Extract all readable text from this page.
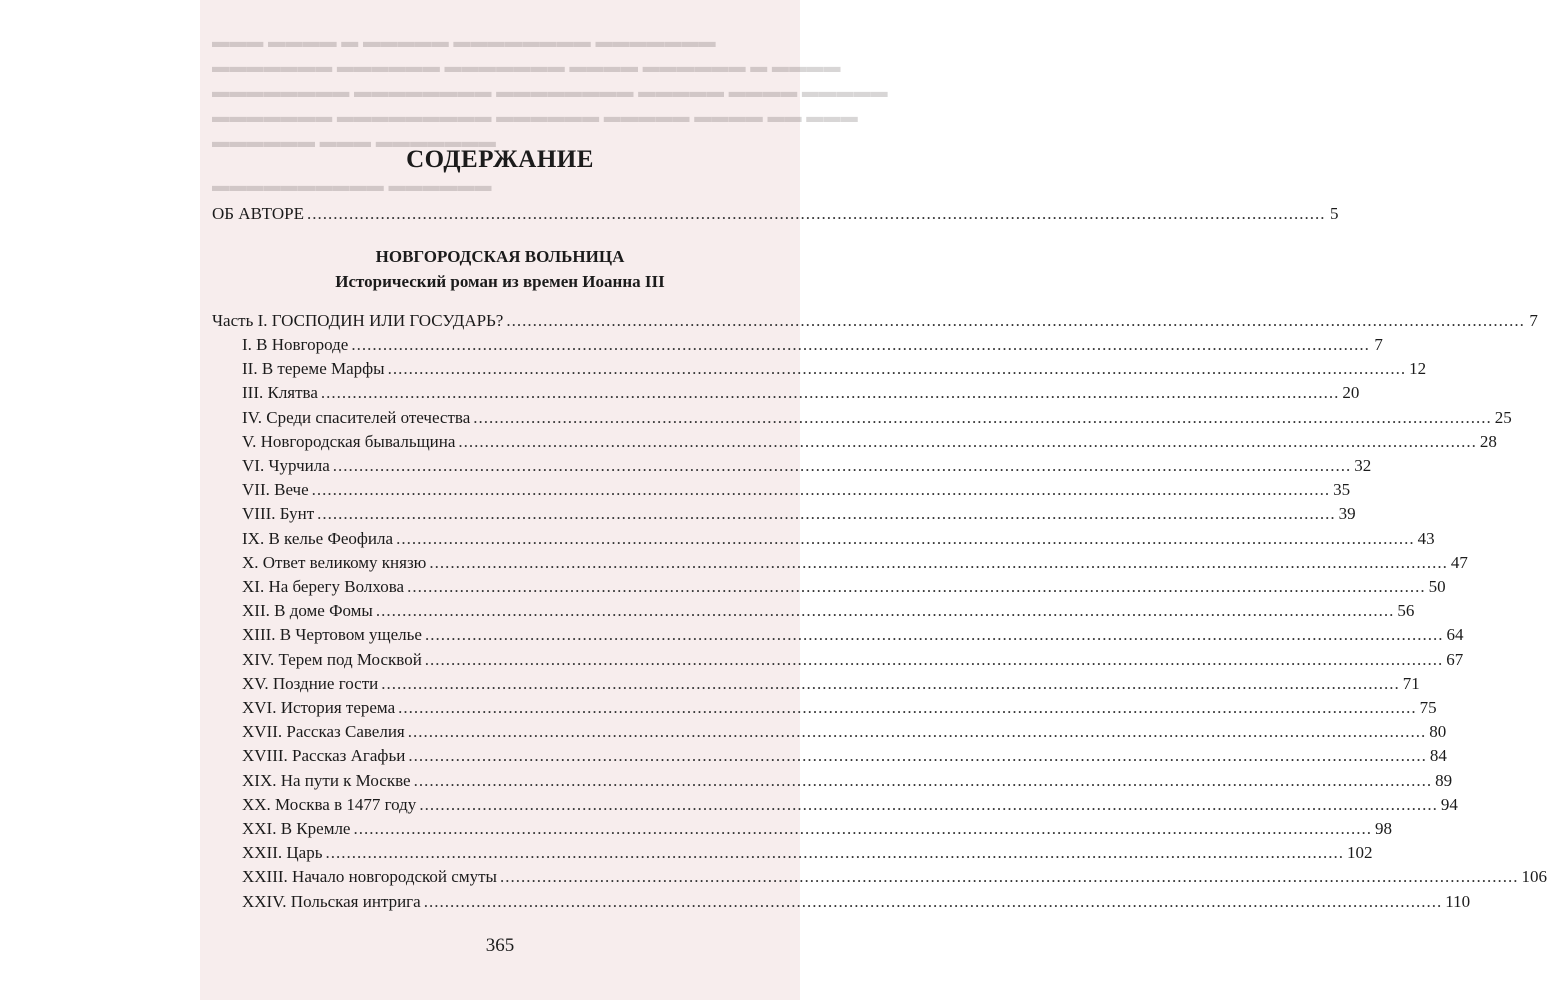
▬▬▬ ▬▬▬▬ ▬ ▬▬▬▬▬ ▬▬▬▬▬▬▬▬ ▬▬▬▬▬▬▬
▬▬▬▬▬▬▬ ▬▬▬▬▬▬ ▬▬▬▬▬▬▬ ▬▬▬▬ ▬▬▬▬▬▬ ▬ ▬▬▬▬
▬▬▬▬▬▬▬▬ ▬▬▬▬▬▬▬▬ ▬▬▬▬▬▬▬▬ ▬▬▬▬▬ ▬▬▬▬ ▬▬▬▬▬
▬▬▬▬▬▬▬ ▬▬▬▬▬▬▬▬▬ ▬▬▬▬▬▬ ▬▬▬▬▬ ▬▬▬▬ ▬▬ ▬▬▬
▬▬▬▬▬▬ ▬▬▬ ▬▬▬▬▬▬▬
▬▬▬▬▬▬▬▬▬▬ ▬▬▬▬▬▬
СОДЕРЖАНИЕ
ОБ АВТОРЕ .....	5
НОВГОРОДСКАЯ ВОЛЬНИЦА
Исторический роман из времен Иоанна III
Часть I. ГОСПОДИН ИЛИ ГОСУДАРЬ? .....	7
I. В Новгороде .....	7
II. В тереме Марфы .....	12
III. Клятва .....	20
IV. Среди спасителей отечества .....	25
V. Новгородская бывальщина .....	28
VI. Чурчила .....	32
VII. Вече .....	35
VIII. Бунт .....	39
IX. В келье Феофила .....	43
X. Ответ великому князю .....	47
XI. На берегу Волхова .....	50
XII. В доме Фомы .....	56
XIII. В Чертовом ущелье .....	64
XIV. Терем под Москвой .....	67
XV. Поздние гости .....	71
XVI. История терема .....	75
XVII. Рассказ Савелия .....	80
XVIII. Рассказ Агафьи .....	84
XIX. На пути к Москве .....	89
XX. Москва в 1477 году .....	94
XXI. В Кремле .....	98
XXII. Царь .....	102
XXIII. Начало новгородской смуты .....	106
XXIV. Польская интрига .....	110
365
